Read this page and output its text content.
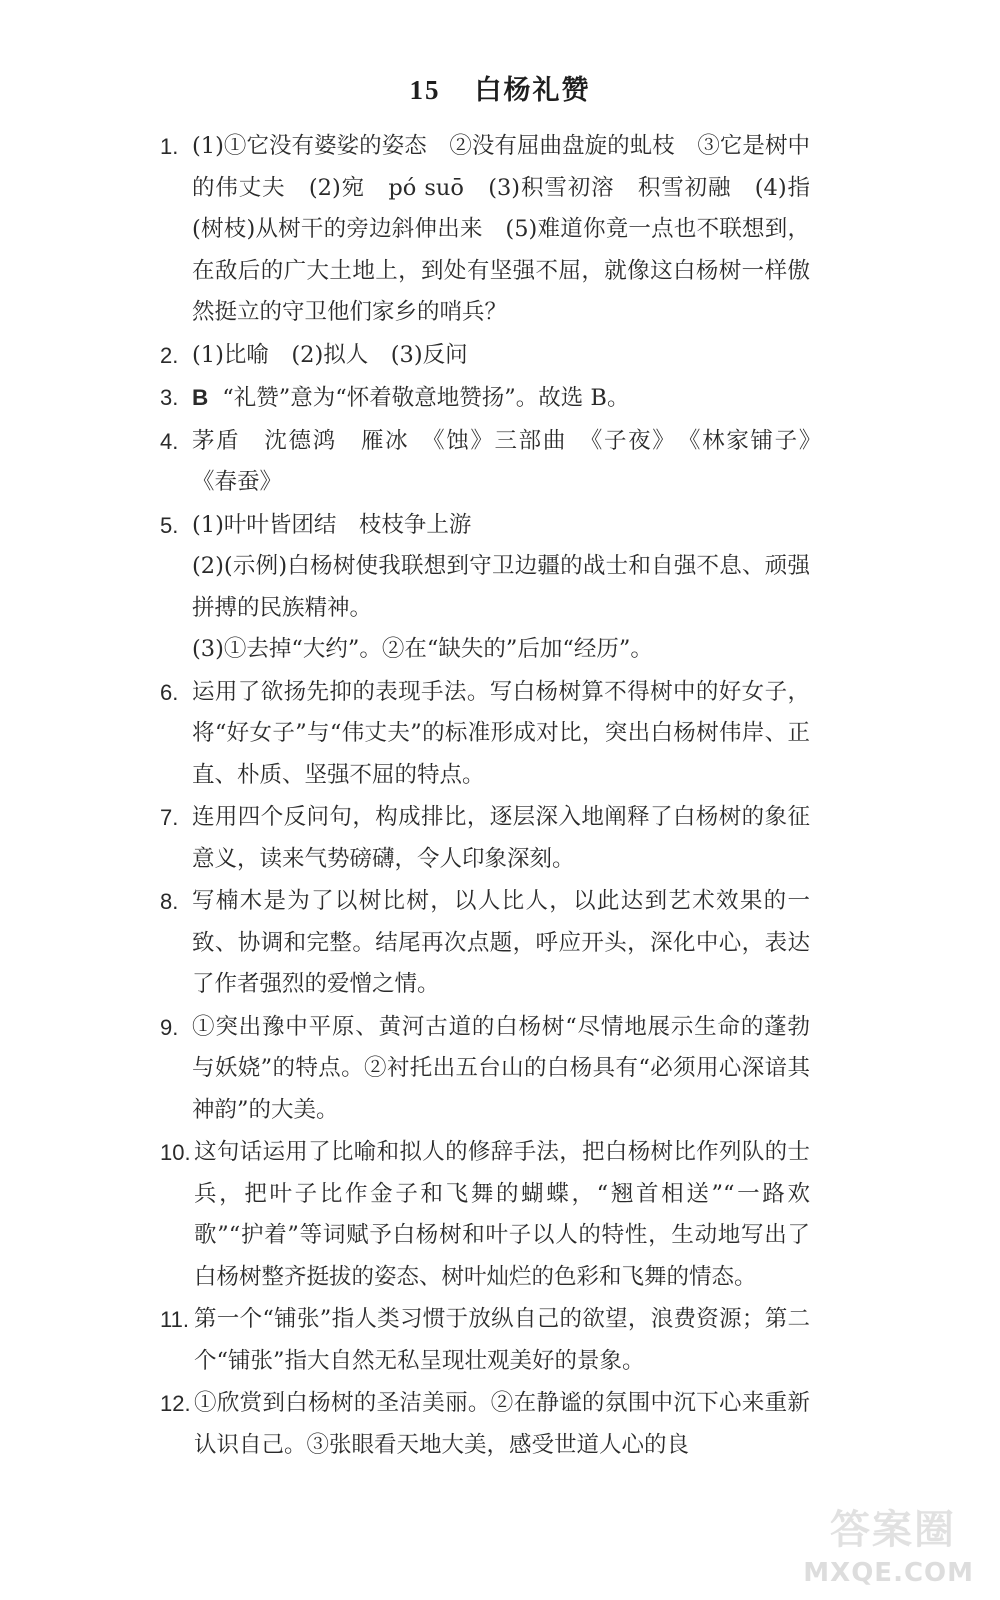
15 白杨礼赞
1. (1)①它没有婆娑的姿态　②没有屈曲盘旋的虬枝　③它是树中的伟丈夫　(2)宛　pó suō　(3)积雪初溶　积雪初融　(4)指(树枝)从树干的旁边斜伸出来　(5)难道你竟一点也不联想到，在敌后的广大土地上，到处有坚强不屈，就像这白杨树一样傲然挺立的守卫他们家乡的哨兵？
2. (1)比喻　(2)拟人　(3)反问
3. B “礼赞”意为“怀着敬意地赞扬”。故选 B。
4. 茅盾　沈德鸿　雁冰　《蚀》三部曲　《子夜》　《林家铺子》　《春蚕》
5. (1)叶叶皆团结　枝枝争上游
(2)(示例)白杨树使我联想到守卫边疆的战士和自强不息、顽强拼搏的民族精神。
(3)①去掉“大约”。②在“缺失的”后加“经历”。
6. 运用了欲扬先抑的表现手法。写白杨树算不得树中的好女子，将“好女子”与“伟丈夫”的标准形成对比，突出白杨树伟岸、正直、朴质、坚强不屈的特点。
7. 连用四个反问句，构成排比，逐层深入地阐释了白杨树的象征意义，读来气势磅礴，令人印象深刻。
8. 写楠木是为了以树比树，以人比人，以此达到艺术效果的一致、协调和完整。结尾再次点题，呼应开头，深化中心，表达了作者强烈的爱憎之情。
9. ①突出豫中平原、黄河古道的白杨树“尽情地展示生命的蓬勃与妖娆”的特点。②衬托出五台山的白杨具有“必须用心深谙其神韵”的大美。
10. 这句话运用了比喻和拟人的修辞手法，把白杨树比作列队的士兵，把叶子比作金子和飞舞的蝴蝶，“翘首相送”“一路欢歌”“护着”等词赋予白杨树和叶子以人的特性，生动地写出了白杨树整齐挺拔的姿态、树叶灿烂的色彩和飞舞的情态。
11. 第一个“铺张”指人类习惯于放纵自己的欲望，浪费资源；第二个“铺张”指大自然无私呈现壮观美好的景象。
12. ①欣赏到白杨树的圣洁美丽。②在静谧的氛围中沉下心来重新认识自己。③张眼看天地大美，感受世道人心的良
答案圈
MXQE.COM
